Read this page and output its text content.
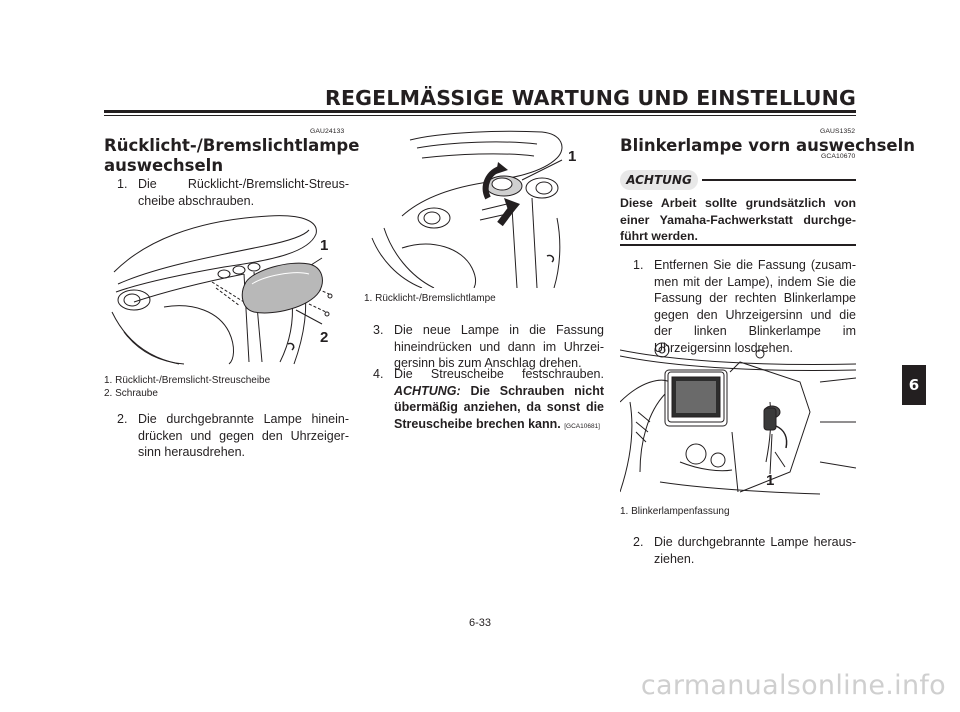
REGELMÄSSIGE WARTUNG UND EINSTELLUNG
6
GAU24133
Rücklicht-/Bremslichtlampe
auswechseln
1. Die Rücklicht-/Bremslicht-Streuscheibe abschrauben.
1
2
1. Rücklicht-/Bremslicht-Streuscheibe
2. Schraube
2. Die durchgebrannte Lampe hineindrücken und gegen den Uhrzeigersinn herausdrehen.
1
1. Rücklicht-/Bremslichtlampe
3. Die neue Lampe in die Fassung hineindrücken und dann im Uhrzeigersinn bis zum Anschlag drehen.
4. Die Streuscheibe festschrauben. ACHTUNG: Die Schrauben nicht übermäßig anziehen, da sonst die Streuscheibe brechen kann. [GCA10681]
GAUS1352
Blinkerlampe vorn auswechseln
GCA10670
ACHTUNG
Diese Arbeit sollte grundsätzlich von einer Yamaha-Fachwerkstatt durchgeführt werden.
1. Entfernen Sie die Fassung (zusammen mit der Lampe), indem Sie die Fassung der rechten Blinkerlampe gegen den Uhrzeigersinn und die der linken Blinkerlampe im Uhrzeigersinn losdrehen.
1
1. Blinkerlampenfassung
2. Die durchgebrannte Lampe herausziehen.
6-33
carmanualsonline.info
